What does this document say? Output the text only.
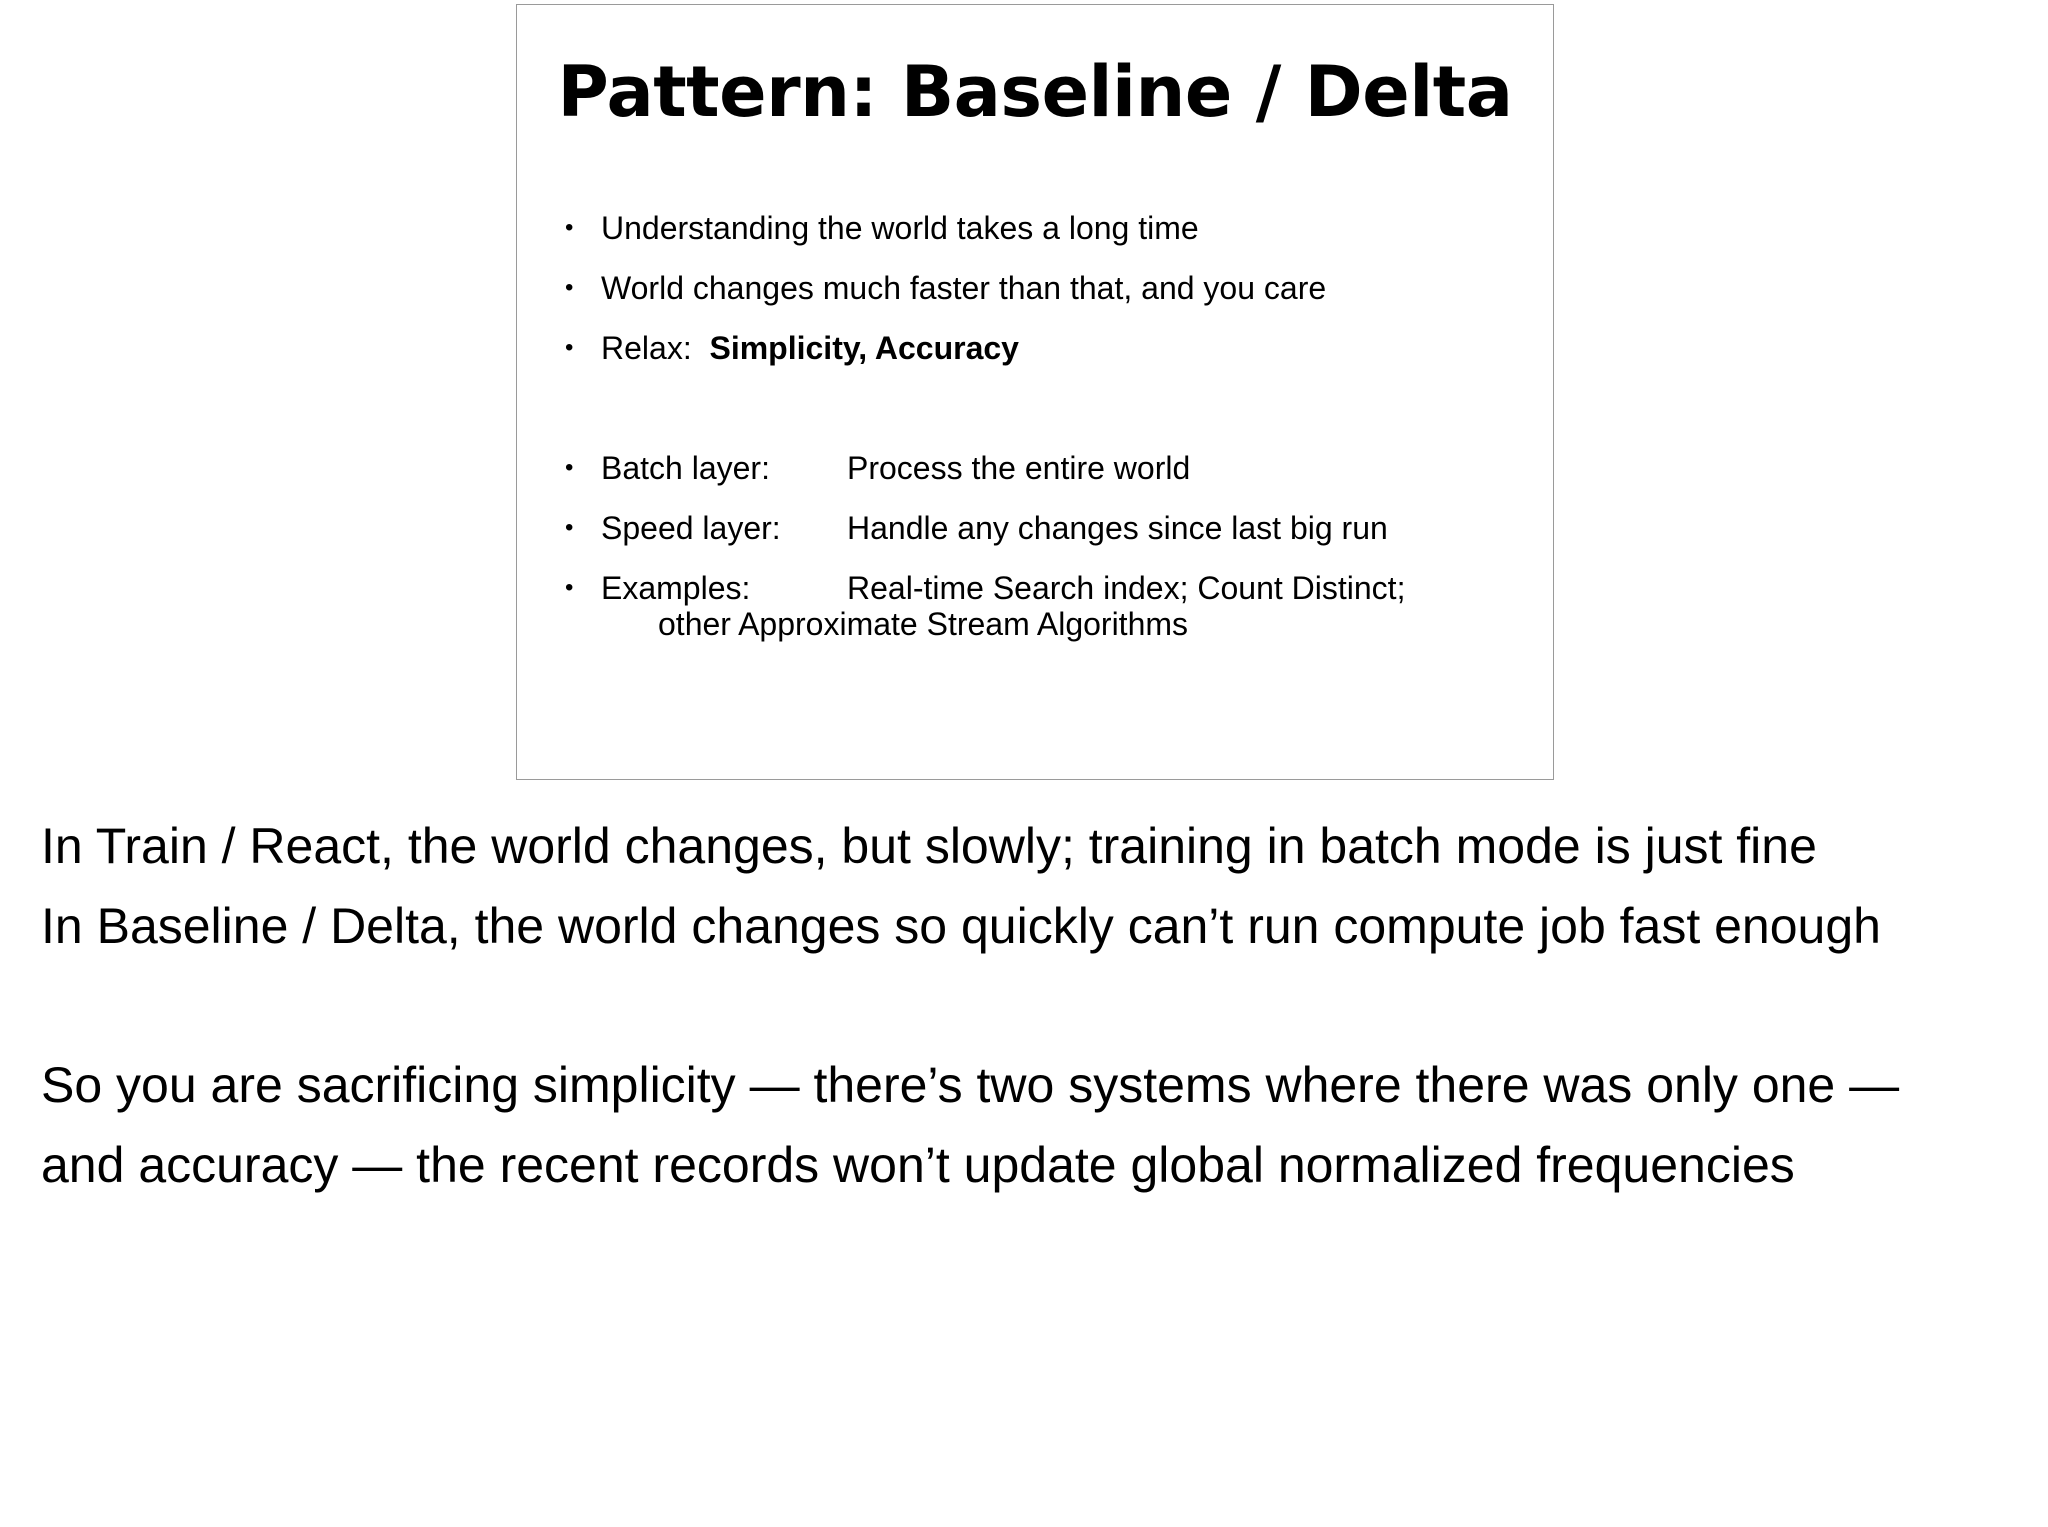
Pattern: Baseline / Delta
• Understanding the world takes a long time
• World changes much faster than that, and you care
• Relax:  Simplicity, Accuracy
• Batch layer: Process the entire world
• Speed layer: Handle any changes since last big run
• Examples:	Real-time Search index; Count Distinct;
other Approximate Stream Algorithms
In Train / React, the world changes, but slowly; training in batch mode is just fine
In Baseline / Delta, the world changes so quickly can’t run compute job fast enough
So you are sacrificing simplicity — there’s two systems where there was only one —
and accuracy — the recent records won’t update global normalized frequencies
